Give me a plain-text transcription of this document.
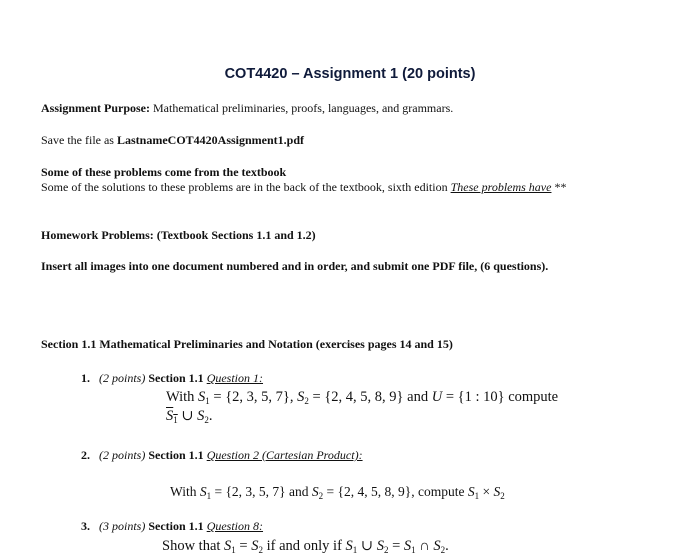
COT4420 – Assignment 1 (20 points)
Assignment Purpose: Mathematical preliminaries, proofs, languages, and grammars.
Save the file as LastnameCOT4420Assignment1.pdf
Some of these problems come from the textbook
Some of the solutions to these problems are in the back of the textbook, sixth edition These problems have **
Homework Problems: (Textbook Sections 1.1 and 1.2)
Insert all images into one document numbered and in order, and submit one PDF file, (6 questions).
Section 1.1 Mathematical Preliminaries and Notation (exercises pages 14 and 15)
1. (2 points) Section 1.1 Question 1:
With $S_1 = \{2$, 3, 5, 7}, $S_2 = \{2$, 4, 5, 8, 9} and U = {1 : 10} compute
$S_1$ ∪ $S_2$.
2. (2 points) Section 1.1 Question 2 (Cartesian Product):
With $S_1 = \{2$, 3, 5, 7} and $S_2 = \{2$, 4, 5, 8, 9}, compute $S_1 \times S_2$
3. (3 points) Section 1.1 Question 8:
Show that $S_1 = S_2$ if and only if $S_1$ ∪ $S_2 = S_1$ ∩ $S_2$.
